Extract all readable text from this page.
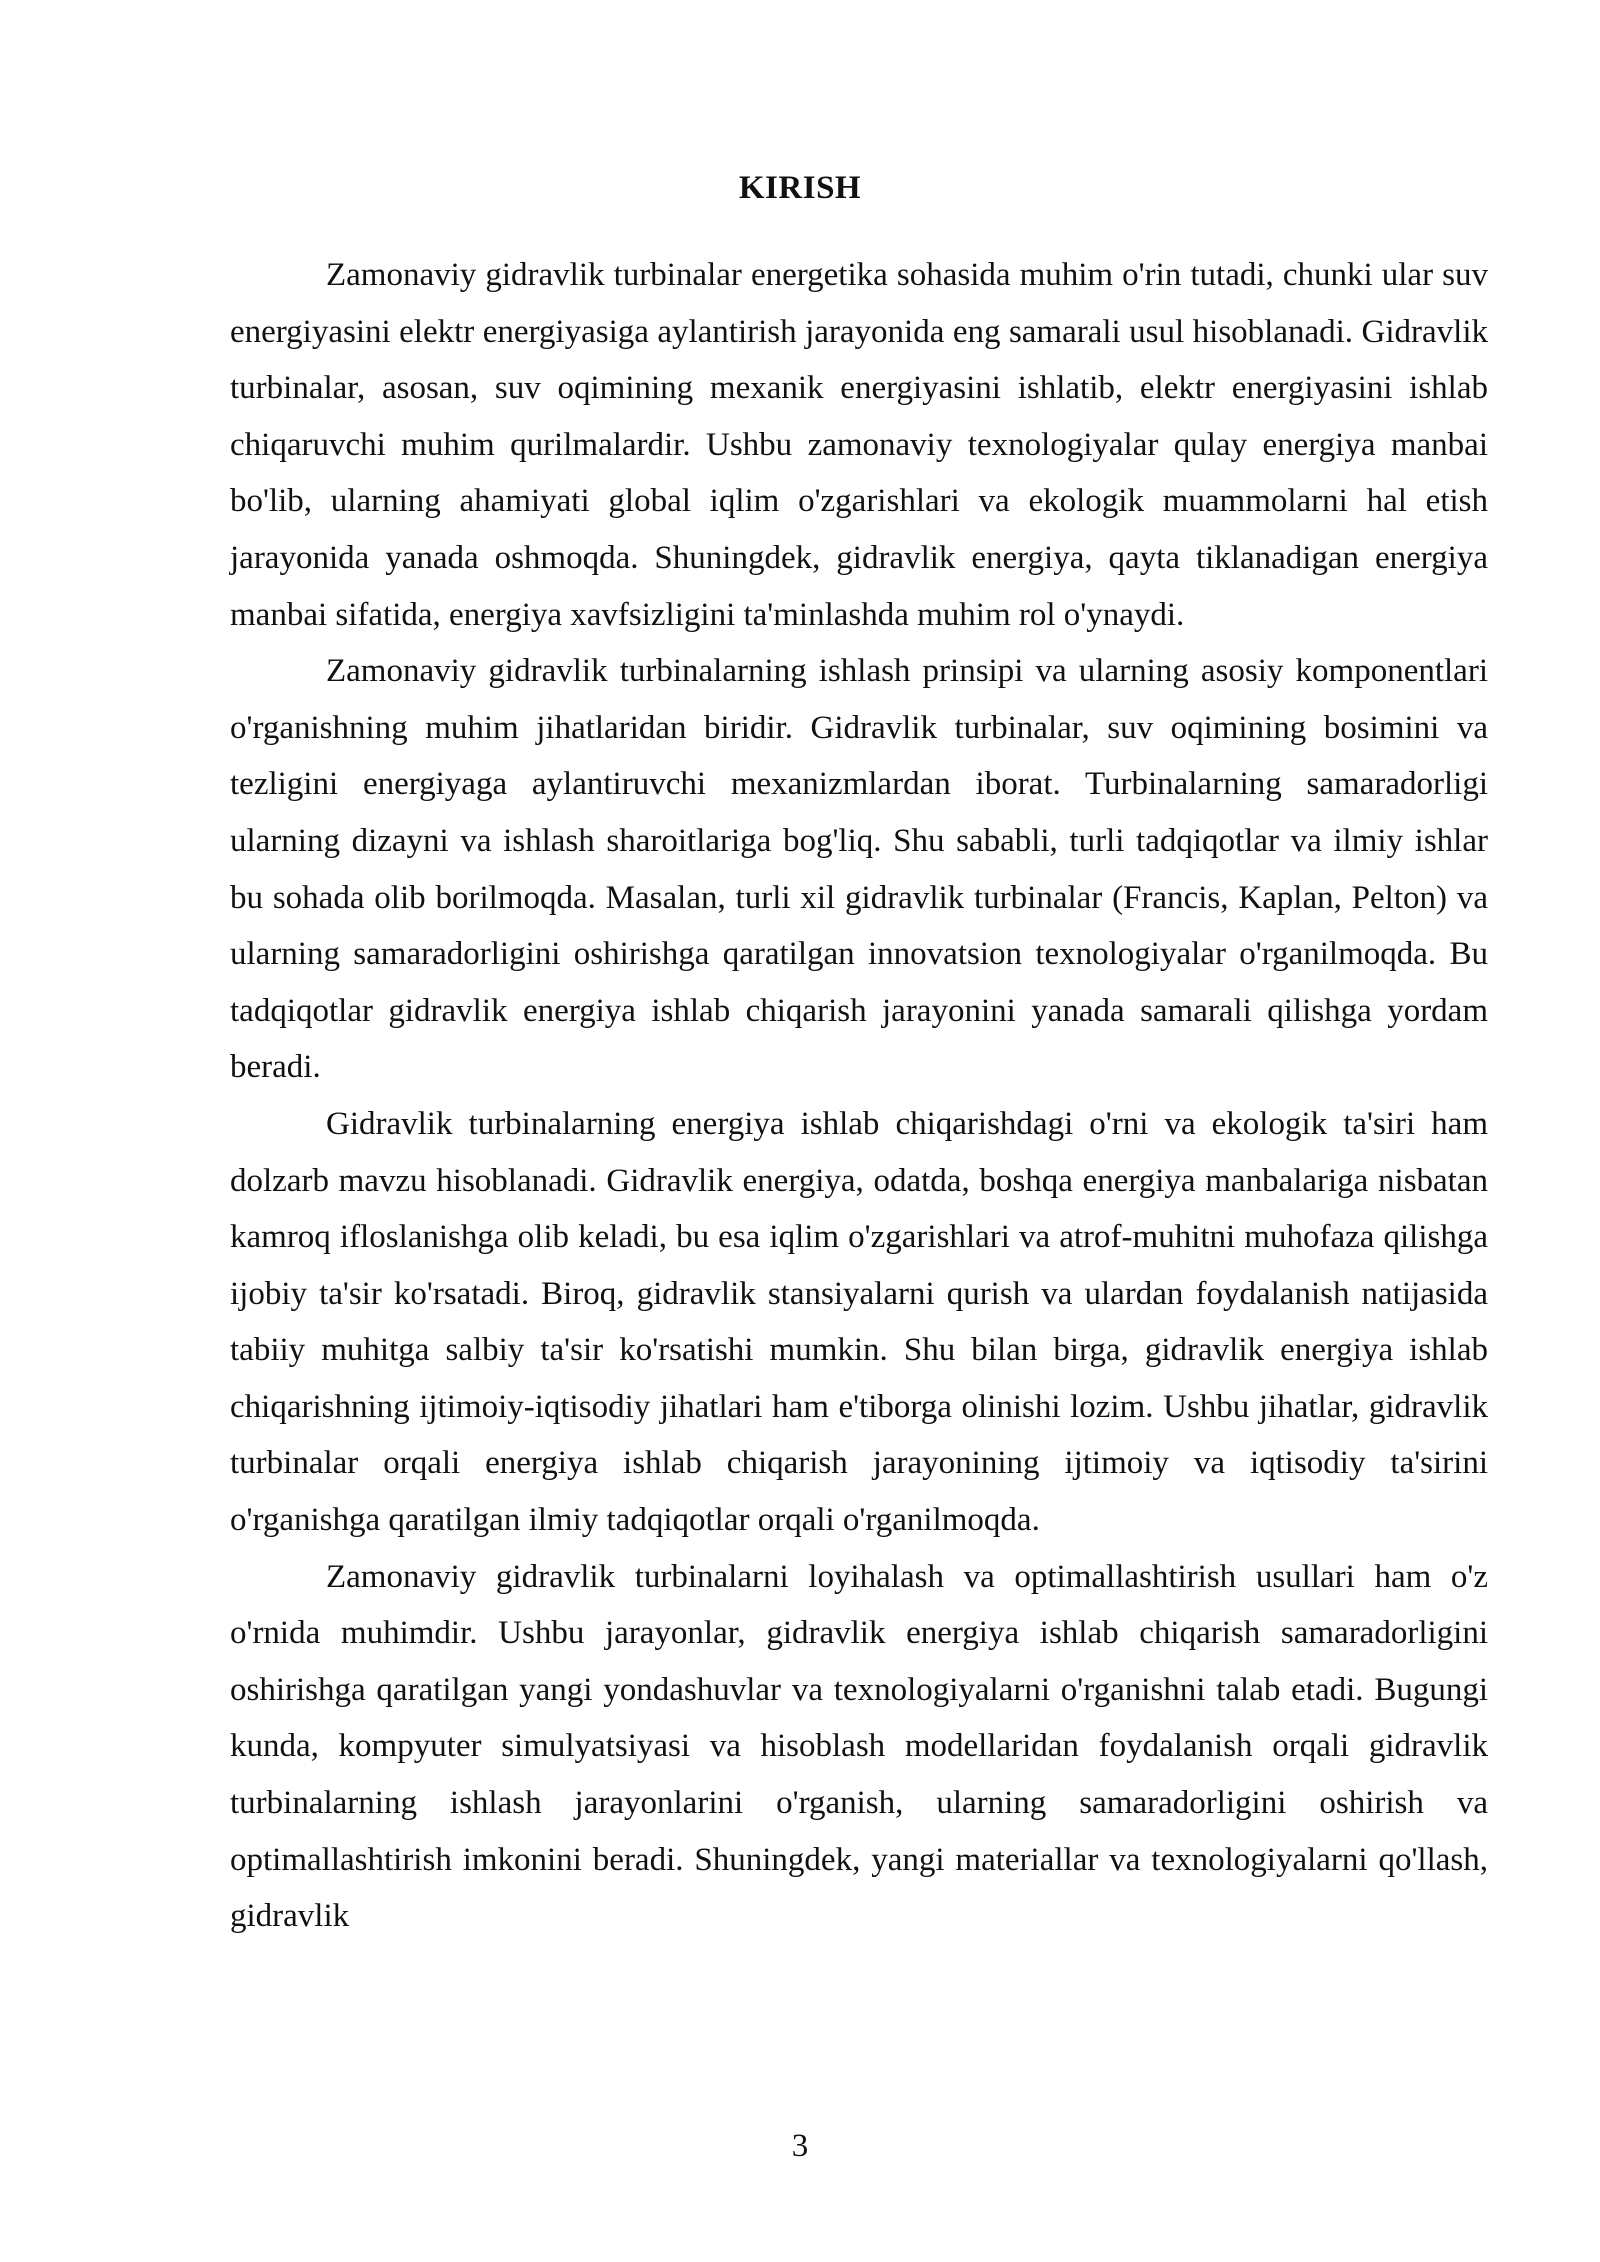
KIRISH

Zamonaviy gidravlik turbinalar energetika sohasida muhim o'rin tutadi, chunki ular suv energiyasini elektr energiyasiga aylantirish jarayonida eng samarali usul hisoblanadi. Gidravlik turbinalar, asosan, suv oqimining mexanik energiyasini ishlatib, elektr energiyasini ishlab chiqaruvchi muhim qurilmalardir. Ushbu zamonaviy texnologiyalar qulay energiya manbai bo'lib, ularning ahamiyati global iqlim o'zgarishlari va ekologik muammolarni hal etish jarayonida yanada oshmoqda. Shuningdek, gidravlik energiya, qayta tiklanadigan energiya manbai sifatida, energiya xavfsizligini ta'minlashda muhim rol o'ynaydi.

Zamonaviy gidravlik turbinalarning ishlash prinsipi va ularning asosiy komponentlari o'rganishning muhim jihatlaridan biridir. Gidravlik turbinalar, suv oqimining bosimini va tezligini energiyaga aylantiruvchi mexanizmlardan iborat. Turbinalarning samaradorligi ularning dizayni va ishlash sharoitlariga bog'liq. Shu sababli, turli tadqiqotlar va ilmiy ishlar bu sohada olib borilmoqda. Masalan, turli xil gidravlik turbinalar (Francis, Kaplan, Pelton) va ularning samaradorligini oshirishga qaratilgan innovatsion texnologiyalar o'rganilmoqda. Bu tadqiqotlar gidravlik energiya ishlab chiqarish jarayonini yanada samarali qilishga yordam beradi.

Gidravlik turbinalarning energiya ishlab chiqarishdagi o'rni va ekologik ta'siri ham dolzarb mavzu hisoblanadi. Gidravlik energiya, odatda, boshqa energiya manbalariga nisbatan kamroq ifloslanishga olib keladi, bu esa iqlim o'zgarishlari va atrof-muhitni muhofaza qilishga ijobiy ta'sir ko'rsatadi. Biroq, gidravlik stansiyalarni qurish va ulardan foydalanish natijasida tabiiy muhitga salbiy ta'sir ko'rsatishi mumkin. Shu bilan birga, gidravlik energiya ishlab chiqarishning ijtimoiy-iqtisodiy jihatlari ham e'tiborga olinishi lozim. Ushbu jihatlar, gidravlik turbinalar orqali energiya ishlab chiqarish jarayonining ijtimoiy va iqtisodiy ta'sirini o'rganishga qaratilgan ilmiy tadqiqotlar orqali o'rganilmoqda.

Zamonaviy gidravlik turbinalarni loyihalash va optimallashtirish usullari ham o'z o'rnida muhimdir. Ushbu jarayonlar, gidravlik energiya ishlab chiqarish samaradorligini oshirishga qaratilgan yangi yondashuvlar va texnologiyalarni o'rganishni talab etadi. Bugungi kunda, kompyuter simulyatsiyasi va hisoblash modellaridan foydalanish orqali gidravlik turbinalarning ishlash jarayonlarini o'rganish, ularning samaradorligini oshirish va optimallashtirish imkonini beradi. Shuningdek, yangi materiallar va texnologiyalarni qo'llash, gidravlik

3
